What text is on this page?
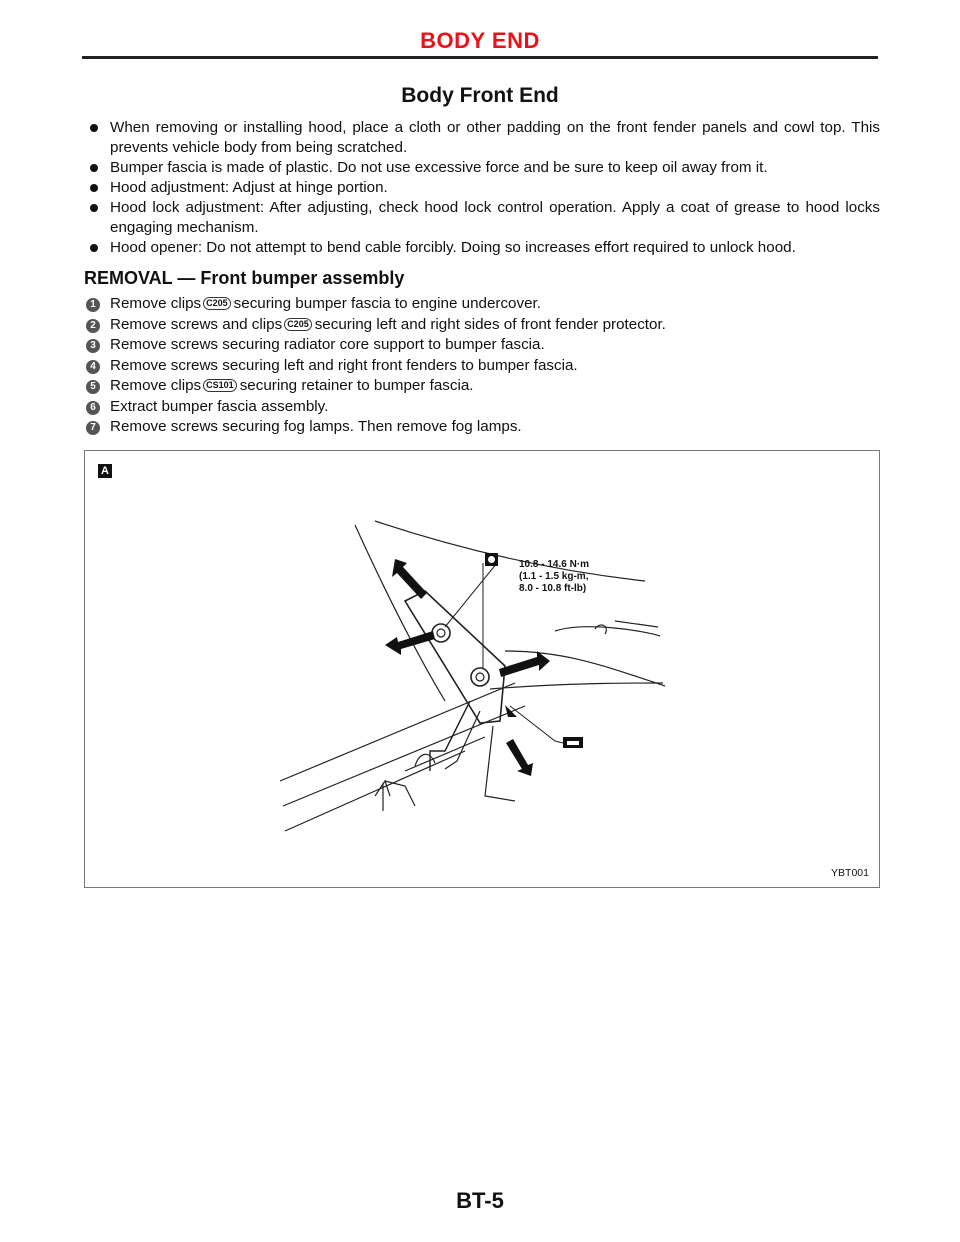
BODY END
Body Front End
When removing or installing hood, place a cloth or other padding on the front fender panels and cowl top. This prevents vehicle body from being scratched.
Bumper fascia is made of plastic. Do not use excessive force and be sure to keep oil away from it.
Hood adjustment: Adjust at hinge portion.
Hood lock adjustment: After adjusting, check hood lock control operation. Apply a coat of grease to hood locks engaging mechanism.
Hood opener: Do not attempt to bend cable forcibly. Doing so increases effort required to unlock hood.
REMOVAL — Front bumper assembly
1 Remove clips C205 securing bumper fascia to engine undercover.
2 Remove screws and clips C205 securing left and right sides of front fender protector.
3 Remove screws securing radiator core support to bumper fascia.
4 Remove screws securing left and right front fenders to bumper fascia.
5 Remove clips CS101 securing retainer to bumper fascia.
6 Extract bumper fascia assembly.
7 Remove screws securing fog lamps. Then remove fog lamps.
A
10.8 - 14.6 N·m
(1.1 - 1.5 kg-m,
8.0 - 10.8 ft-lb)
YBT001
BT-5
